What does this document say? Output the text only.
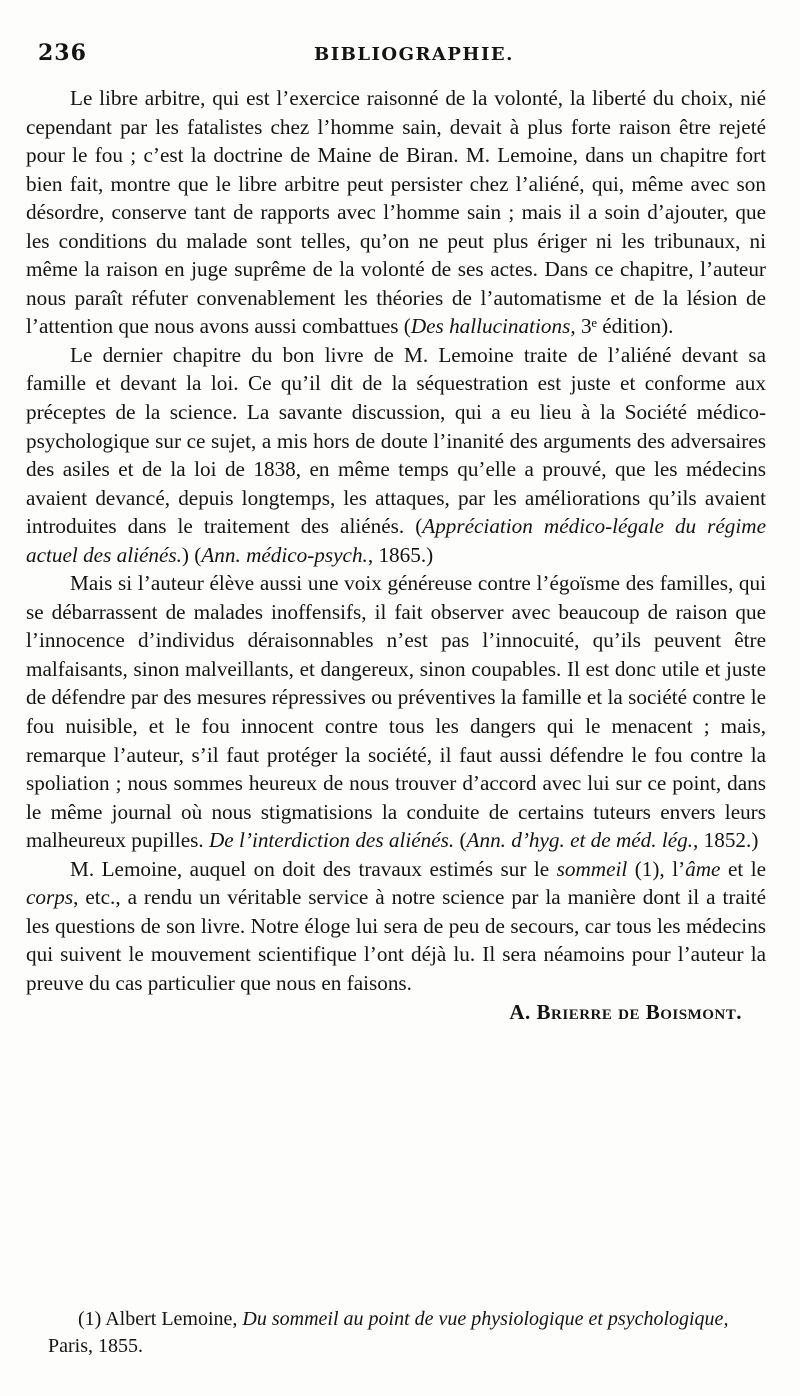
236	BIBLIOGRAPHIE.

Le libre arbitre, qui est l’exercice raisonné de la volonté, la liberté du choix, nié cependant par les fatalistes chez l’homme sain, devait à plus forte raison être rejeté pour le fou ; c’est la doctrine de Maine de Biran. M. Lemoine, dans un chapitre fort bien fait, montre que le libre arbitre peut persister chez l’aliéné, qui, même avec son désordre, conserve tant de rapports avec l’homme sain ; mais il a soin d’ajouter, que les conditions du malade sont telles, qu’on ne peut plus ériger ni les tribunaux, ni même la raison en juge suprême de la volonté de ses actes. Dans ce chapitre, l’auteur nous paraît réfuter convenablement les théories de l’automatisme et de la lésion de l’attention que nous avons aussi combattues (Des hallucinations, 3ᵉ édition).

Le dernier chapitre du bon livre de M. Lemoine traite de l’aliéné devant sa famille et devant la loi. Ce qu’il dit de la séquestration est juste et conforme aux préceptes de la science. La savante discussion, qui a eu lieu à la Société médico-psychologique sur ce sujet, a mis hors de doute l’inanité des arguments des adversaires des asiles et de la loi de 1838, en même temps qu’elle a prouvé, que les médecins avaient devancé, depuis longtemps, les attaques, par les améliorations qu’ils avaient introduites dans le traitement des aliénés. (Appréciation médico-légale du régime actuel des aliénés.) (Ann. médico-psych., 1865.)

Mais si l’auteur élève aussi une voix généreuse contre l’égoïsme des familles, qui se débarrassent de malades inoffensifs, il fait observer avec beaucoup de raison que l’innocence d’individus déraisonnables n’est pas l’innocuité, qu’ils peuvent être malfaisants, sinon malveillants, et dangereux, sinon coupables. Il est donc utile et juste de défendre par des mesures répressives ou préventives la famille et la société contre le fou nuisible, et le fou innocent contre tous les dangers qui le menacent ; mais, remarque l’auteur, s’il faut protéger la société, il faut aussi défendre le fou contre la spoliation ; nous sommes heureux de nous trouver d’accord avec lui sur ce point, dans le même journal où nous stigmatisions la conduite de certains tuteurs envers leurs malheureux pupilles. De l’interdiction des aliénés. (Ann. d’hyg. et de méd. lég., 1852.)

M. Lemoine, auquel on doit des travaux estimés sur le sommeil (1), l’âme et le corps, etc., a rendu un véritable service à notre science par la manière dont il a traité les questions de son livre. Notre éloge lui sera de peu de secours, car tous les médecins qui suivent le mouvement scientifique l’ont déjà lu. Il sera néamoins pour l’auteur la preuve du cas particulier que nous en faisons.

A. Brierre de Boismont.

(1) Albert Lemoine, Du sommeil au point de vue physiologique et psychologique, Paris, 1855.
